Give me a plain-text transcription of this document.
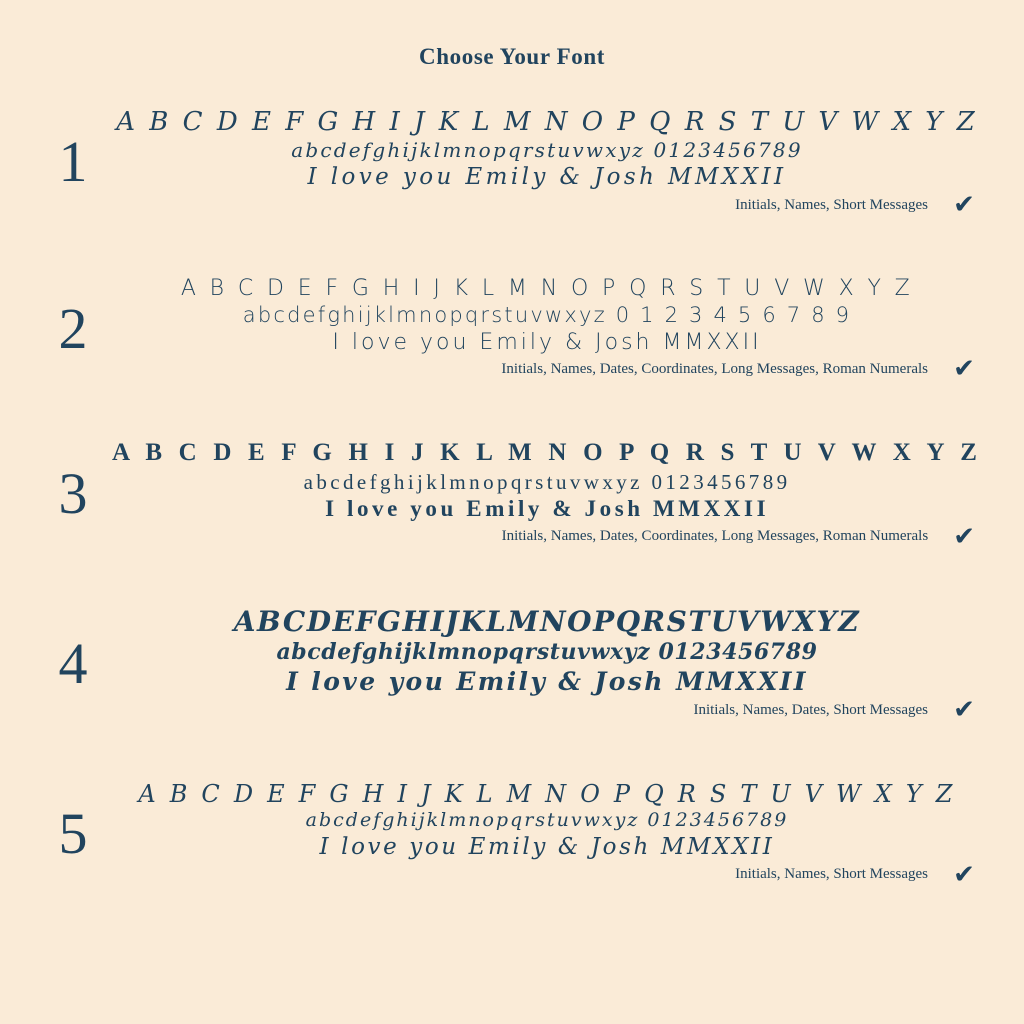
Choose Your Font
1
A B C D E F G H I J K L M N O P Q R S T U V W X Y Z
abcdefghijklmnopqrstuvwxyz 0123456789
I love you Emily & Josh MMXXII
Initials, Names, Short Messages ✔
2
A B C D E F G H I J K L M N O P Q R S T U V W X Y Z
abcdefghijklmnopqrstuvwxyz 0 1 2 3 4 5 6 7 8 9
I love you Emily & Josh MMXXII
Initials, Names, Dates, Coordinates, Long Messages, Roman Numerals ✔
3
A B C D E F G H I J K L M N O P Q R S T U V W X Y Z
abcdefghijklmnopqrstuvwxyz 0123456789
I love you Emily & Josh MMXXII
Initials, Names, Dates, Coordinates, Long Messages, Roman Numerals ✔
4
ABCDEFGHIJKLMNOPQRSTUVWXYZ
abcdefghijklmnopqrstuvwxyz 0123456789
I love you Emily & Josh MMXXII
Initials, Names, Dates, Short Messages ✔
5
A B C D E F G H I J K L M N O P Q R S T U V W X Y Z
abcdefghijklmnopqrstuvwxyz 0123456789
I love you Emily & Josh MMXXII
Initials, Names, Short Messages ✔
